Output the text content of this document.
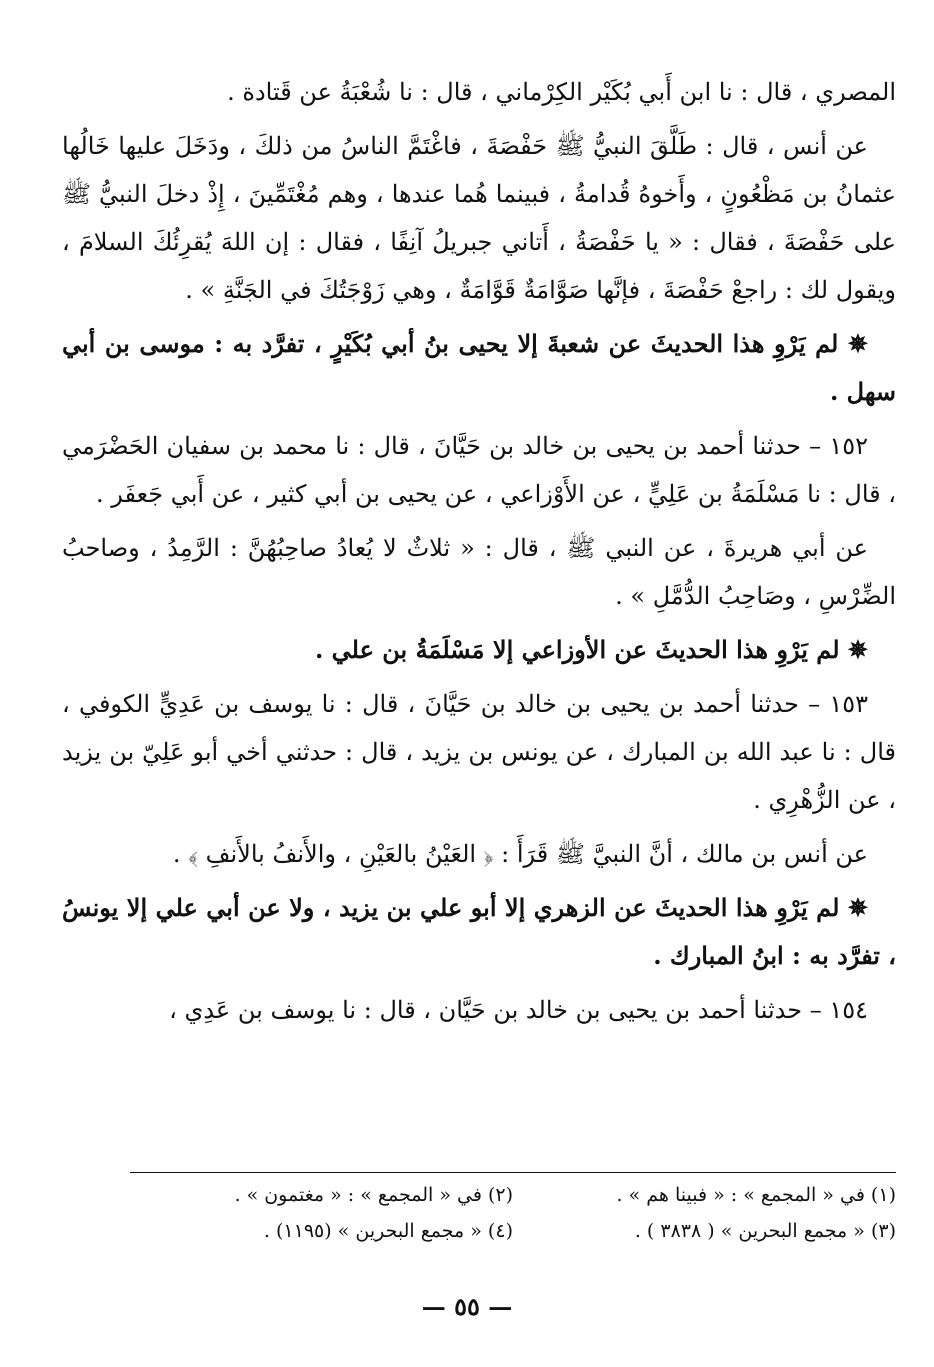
المصري ، قال : نا ابن أَبي بُكَيْر الكِرْماني ، قال : نا شُعْبَةُ عن قَتادة .

عن أنس ، قال : طَلَّقَ النبيُّ ﷺ حَفْصَةَ ، فاغْتَمَّ الناسُ من ذلكَ ، ودَخَلَ عليها خَالُها عثمانُ بن مَظْعُونٍ ، وأَخوهُ قُدامةُ ، فبينما هُما عندها ، وهم مُغْتَمِّينَ ، إِذْ دخلَ النبيُّ ﷺ على حَفْصَةَ ، فقال : « يا حَفْصَةُ ، أَتاني جبريلُ آنِفًا ، فقال : إن اللهَ يُقرِئُكَ السلامَ ، ويقول لك : راجعْ حَفْصَةَ ، فإنَّها صَوَّامَةٌ قَوَّامَةٌ ، وهي زَوْجَتُكَ في الجَنَّةِ » .

✵ لم يَرْوِ هذا الحديثَ عن شعبةَ إلا يحيى بنُ أبي بُكَيْرٍ ، تفرَّد به : موسى بن أبي سهل .

١٥٢ – حدثنا أحمد بن يحيى بن خالد بن حَيَّانَ ، قال : نا محمد بن سفيان الحَضْرَمي ، قال : نا مَسْلَمَةُ بن عَلِيٍّ ، عن الأَوْزاعي ، عن يحيى بن أبي كثير ، عن أَبي جَعفَر .

عن أبي هريرةَ ، عن النبي ﷺ ، قال : « ثلاثٌ لا يُعادُ صاحِبُهُنَّ : الرَّمِدُ ، وصاحبُ الضِّرْسِ ، وصَاحِبُ الدُّمَّلِ » .

✵ لم يَرْوِ هذا الحديثَ عن الأوزاعي إلا مَسْلَمَةُ بن علي .

١٥٣ – حدثنا أحمد بن يحيى بن خالد بن حَيَّانَ ، قال : نا يوسف بن عَدِيٍّ الكوفي ، قال : نا عبد الله بن المبارك ، عن يونس بن يزيد ، قال : حدثني أخي أبو عَلِيّ بن يزيد ، عن الزُّهْرِي .

عن أنس بن مالك ، أنَّ النبيَّ ﷺ قَرَأَ : ﴿ العَيْنُ بالعَيْنِ ، والأَنفُ بالأَنفِ ﴾ .

✵ لم يَرْوِ هذا الحديثَ عن الزهري إلا أبو علي بن يزيد ، ولا عن أبي علي إلا يونسُ ، تفرَّد به : ابنُ المبارك .

١٥٤ – حدثنا أحمد بن يحيى بن خالد بن حَيَّان ، قال : نا يوسف بن عَدِي ،

(١) في « المجمع » : « فبينا هم » .
(٢) في « المجمع » : « مغتمون » .
(٣) « مجمع البحرين » ( ٣٨٣٨ ) .
(٤) « مجمع البحرين » (١١٩٥) .
— ٥٥ —
